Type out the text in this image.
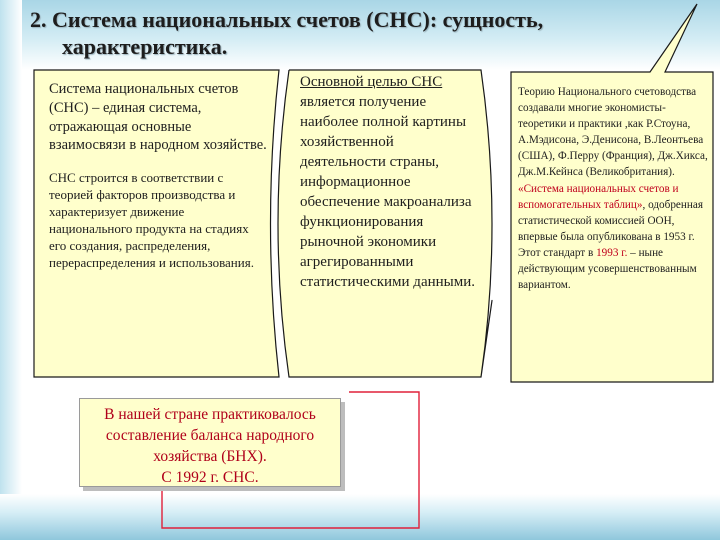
2. Система национальных счетов (СНС): сущность,
характеристика.
Система национальных счетов (СНС) – единая система, отражающая основные взаимосвязи в народном хозяйстве.
СНС строится в соответствии с теорией факторов производства и характеризует движение национального продукта на стадиях его создания, распределения, перераспределения и использования.
Основной целью СНС является получение наиболее полной картины хозяйственной деятельности страны, информационное обеспечение макроанализа функционирования рыночной экономики агрегированными статистическими данными.
Теорию Национального счетоводства создавали многие экономисты-теоретики и практики ,как Р.Стоуна, А.Мэдисона, Э.Денисона, В.Леонтьева (США), Ф.Перру (Франция), Дж.Хикса, Дж.М.Кейнса (Великобритания). «Система национальных счетов и вспомогательных таблиц», одобренная статистической комиссией ООН, впервые была опубликована в 1953 г. Этот стандарт в 1993 г. – ныне действующим усовершенствованным вариантом.
В нашей стране практиковалось
составление баланса народного
хозяйства (БНХ).
С 1992 г. СНС.
